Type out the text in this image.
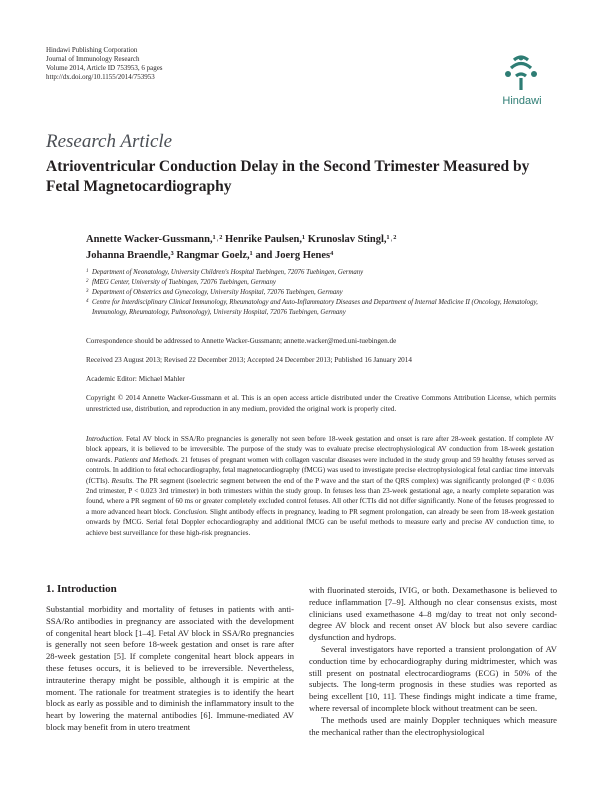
Hindawi Publishing Corporation
Journal of Immunology Research
Volume 2014, Article ID 753953, 6 pages
http://dx.doi.org/10.1155/2014/753953
Hindawi
Research Article
Atrioventricular Conduction Delay in the Second Trimester Measured by Fetal Magnetocardiography
Annette Wacker-Gussmann,¹˒² Henrike Paulsen,¹ Krunoslav Stingl,¹˒²
Johanna Braendle,³ Rangmar Goelz,¹ and Joerg Henes⁴
1 Department of Neonatology, University Children's Hospital Tuebingen, 72076 Tuebingen, Germany
2 fMEG Center, University of Tuebingen, 72076 Tuebingen, Germany
3 Department of Obstetrics and Gynecology, University Hospital, 72076 Tuebingen, Germany
4 Centre for Interdisciplinary Clinical Immunology, Rheumatology and Auto-Inflammatory Diseases and Department of Internal Medicine II (Oncology, Hematology, Immunology, Rheumatology, Pulmonology), University Hospital, 72076 Tuebingen, Germany
Correspondence should be addressed to Annette Wacker-Gussmann; annette.wacker@med.uni-tuebingen.de
Received 23 August 2013; Revised 22 December 2013; Accepted 24 December 2013; Published 16 January 2014
Academic Editor: Michael Mahler
Copyright © 2014 Annette Wacker-Gussmann et al. This is an open access article distributed under the Creative Commons Attribution License, which permits unrestricted use, distribution, and reproduction in any medium, provided the original work is properly cited.
Introduction. Fetal AV block in SSA/Ro pregnancies is generally not seen before 18-week gestation and onset is rare after 28-week gestation. If complete AV block appears, it is believed to be irreversible. The purpose of the study was to evaluate precise electrophysiological AV conduction from 18-week gestation onwards. Patients and Methods. 21 fetuses of pregnant women with collagen vascular diseases were included in the study group and 59 healthy fetuses served as controls. In addition to fetal echocardiography, fetal magnetocardiography (fMCG) was used to investigate precise electrophysiological fetal cardiac time intervals (fCTIs). Results. The PR segment (isoelectric segment between the end of the P wave and the start of the QRS complex) was significantly prolonged (P < 0.036 2nd trimester, P < 0.023 3rd trimester) in both trimesters within the study group. In fetuses less than 23-week gestational age, a nearly complete separation was found, where a PR segment of 60 ms or greater completely excluded control fetuses. All other fCTIs did not differ significantly. None of the fetuses progressed to a more advanced heart block. Conclusion. Slight antibody effects in pregnancy, leading to PR segment prolongation, can already be seen from 18-week gestation onwards by fMCG. Serial fetal Doppler echocardiography and additional fMCG can be useful methods to measure early and precise AV conduction time, to achieve best surveillance for these high-risk pregnancies.
1. Introduction

Substantial morbidity and mortality of fetuses in patients with anti-SSA/Ro antibodies in pregnancy are associated with the development of congenital heart block [1–4]. Fetal AV block in SSA/Ro pregnancies is generally not seen before 18-week gestation and onset is rare after 28-week gestation [5]. If complete congenital heart block appears in these fetuses occurs, it is believed to be irreversible. Nevertheless, intrauterine therapy might be possible, although it is empiric at the moment. The rationale for treatment strategies is to identify the heart block as early as possible and to diminish the inflammatory insult to the heart by lowering the maternal antibodies [6]. Immune-mediated AV block may benefit from in utero treatment

with fluorinated steroids, IVIG, or both. Dexamethasone is believed to reduce inflammation [7–9]. Although no clear consensus exists, most clinicians used examethasone 4–8 mg/day to treat not only second-degree AV block and recent onset AV block but also severe cardiac dysfunction and hydrops.

Several investigators have reported a transient prolongation of AV conduction time by echocardiography during midtrimester, which was still present on postnatal electrocardiograms (ECG) in 50% of the subjects. The long-term prognosis in these studies was reported as being excellent [10, 11]. These findings might indicate a time frame, where reversal of incomplete block without treatment can be seen.

The methods used are mainly Doppler techniques which measure the mechanical rather than the electrophysiological
